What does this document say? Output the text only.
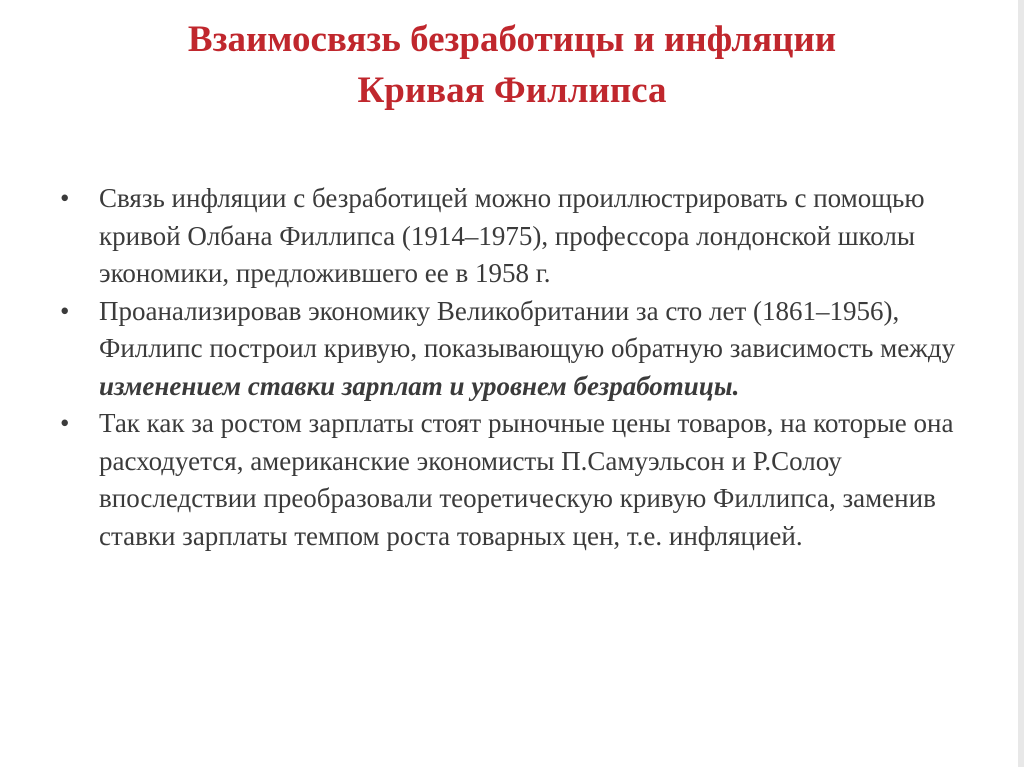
Взаимосвязь безработицы и инфляции
Кривая Филлипса

•	Связь инфляции с безработицей можно проиллюстрировать с помощью кривой Олбана Филлипса (1914–1975), профессора лондонской школы экономики, предложившего ее в 1958 г.

•	Проанализировав экономику Великобритании за сто лет (1861–1956), Филлипс построил кривую, показывающую обратную зависимость между изменением ставки зарплат и уровнем безработицы.

•	Так как за ростом зарплаты стоят рыночные цены товаров, на которые она расходуется, американские экономисты П.Самуэльсон и Р.Солоу впоследствии преобразовали теоретическую кривую Филлипса, заменив ставки зарплаты темпом роста товарных цен, т.е. инфляцией.
